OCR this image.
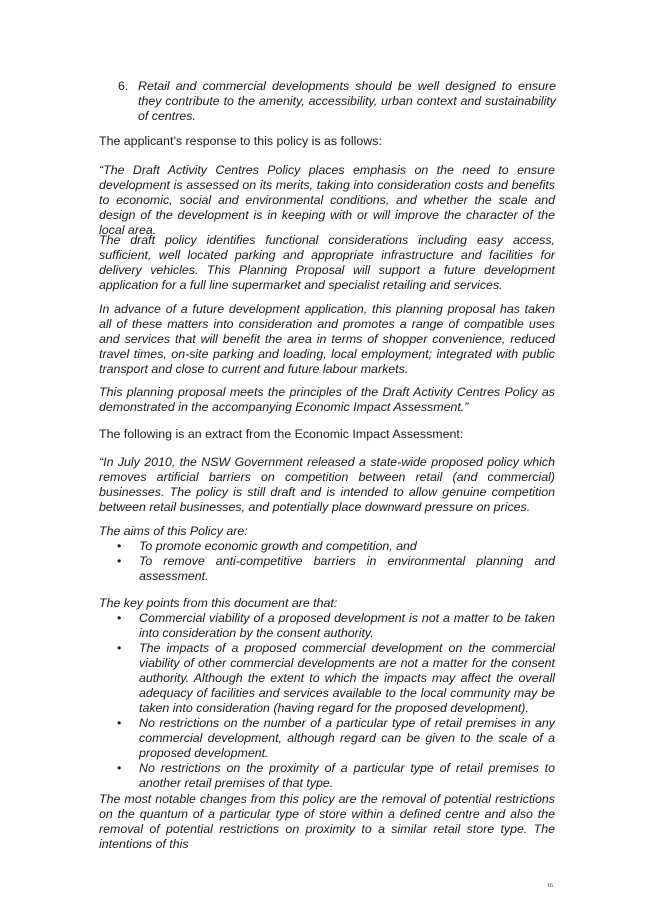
6. Retail and commercial developments should be well designed to ensure they contribute to the amenity, accessibility, urban context and sustainability of centres.
The applicant’s response to this policy is as follows:
“The Draft Activity Centres Policy places emphasis on the need to ensure development is assessed on its merits, taking into consideration costs and benefits to economic, social and environmental conditions, and whether the scale and design of the development is in keeping with or will improve the character of the local area.
The draft policy identifies functional considerations including easy access, sufficient, well located parking and appropriate infrastructure and facilities for delivery vehicles. This Planning Proposal will support a future development application for a full line supermarket and specialist retailing and services.
In advance of a future development application, this planning proposal has taken all of these matters into consideration and promotes a range of compatible uses and services that will benefit the area in terms of shopper convenience, reduced travel times, on-site parking and loading, local employment; integrated with public transport and close to current and future labour markets.
This planning proposal meets the principles of the Draft Activity Centres Policy as demonstrated in the accompanying Economic Impact Assessment.”
The following is an extract from the Economic Impact Assessment:
“In July 2010, the NSW Government released a state-wide proposed policy which removes artificial barriers on competition between retail (and commercial) businesses. The policy is still draft and is intended to allow genuine competition between retail businesses, and potentially place downward pressure on prices.
The aims of this Policy are:
• To promote economic growth and competition, and
• To remove anti-competitive barriers in environmental planning and assessment.
The key points from this document are that:
• Commercial viability of a proposed development is not a matter to be taken into consideration by the consent authority.
• The impacts of a proposed commercial development on the commercial viability of other commercial developments are not a matter for the consent authority. Although the extent to which the impacts may affect the overall adequacy of facilities and services available to the local community may be taken into consideration (having regard for the proposed development).
• No restrictions on the number of a particular type of retail premises in any commercial development, although regard can be given to the scale of a proposed development.
• No restrictions on the proximity of a particular type of retail premises to another retail premises of that type.
The most notable changes from this policy are the removal of potential restrictions on the quantum of a particular type of store within a defined centre and also the removal of potential restrictions on proximity to a similar retail store type. The intentions of this
16
